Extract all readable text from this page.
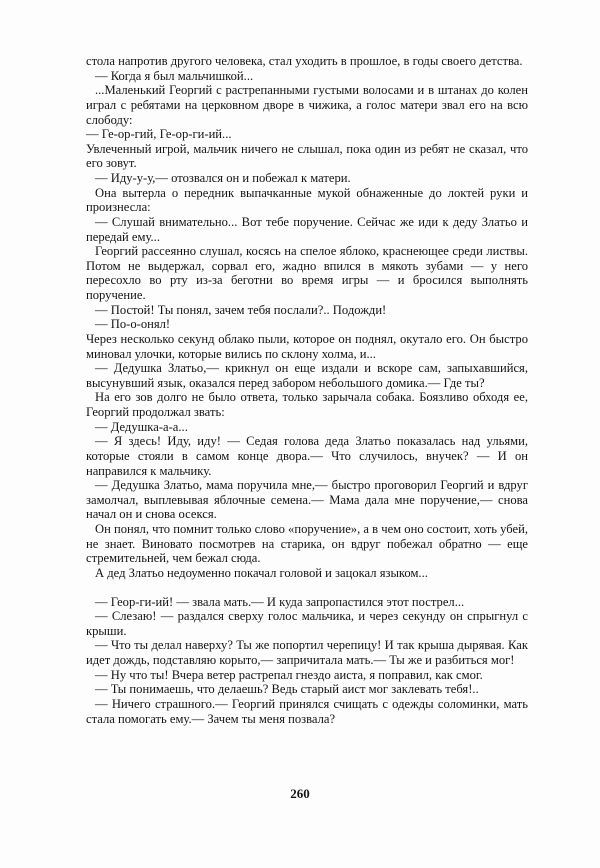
столa напротив другого человека, стал уходить в прошлое, в годы своего детства.

— Когда я был мальчишкой...

...Маленький Георгий с растрепанными густыми волосами и в штанах до колен играл с ребятами на церковном дворе в чижика, а голос матери звал его на всю слободу:

— Ге-ор-гий, Ге-ор-ги-ий...

Увлеченный игрой, мальчик ничего не слышал, пока один из ребят не сказал, что его зовут.

— Иду-у-у,— отозвался он и побежал к матери.

Она вытерла о передник выпачканные мукой обнаженные до локтей руки и произнесла:

— Слушай внимательно... Вот тебе поручение. Сейчас же иди к деду Златьо и передай ему...

Георгий рассеянно слушал, косясь на спелое яблоко, краснеющее среди листвы. Потом не выдержал, сорвал его, жадно впился в мякоть зубами — у него пересохло во рту из-за беготни во время игры — и бросился выполнять поручение.

— Постой! Ты понял, зачем тебя послали?.. Подожди!

— По-о-онял!

Через несколько секунд облако пыли, которое он поднял, окутало его. Он быстро миновал улочки, которые вились по склону холма, и...

— Дедушка Златьо,— крикнул он еще издали и вскоре сам, запыхавшийся, высунувший язык, оказался перед забором небольшого домика.— Где ты?

На его зов долго не было ответа, только зарычала собака. Боязливо обходя ее, Георгий продолжал звать:

— Дедушка-а-а...

— Я здесь! Иду, иду! — Седая голова деда Златьо показалась над ульями, которые стояли в самом конце двора.— Что случилось, внучек? — И он направился к мальчику.

— Дедушка Златьо, мама поручила мне,— быстро проговорил Георгий и вдруг замолчал, выплевывая яблочные семена.— Мама дала мне поручение,— снова начал он и снова осекся.

Он понял, что помнит только слово «поручение», а в чем оно состоит, хоть убей, не знает. Виновато посмотрев на старика, он вдруг побежал обратно — еще стремительней, чем бежал сюда.

А дед Златьо недоуменно покачал головой и зацокал языком...

— Геор-ги-ий! — звала мать.— И куда запропастился этот пострел...

— Слезаю! — раздался сверху голос мальчика, и через секунду он спрыгнул с крыши.

— Что ты делал наверху? Ты же попортил черепицу! И так крыша дырявая. Как идет дождь, подставляю корыто,— запричитала мать.— Ты же и разбиться мог!

— Ну что ты! Вчера ветер растрепал гнездо аиста, я поправил, как смог.

— Ты понимаешь, что делаешь? Ведь старый аист мог заклевать тебя!..

— Ничего страшного.— Георгий принялся счищать с одежды соломинки, мать стала помогать ему.— Зачем ты меня позвала?

260
